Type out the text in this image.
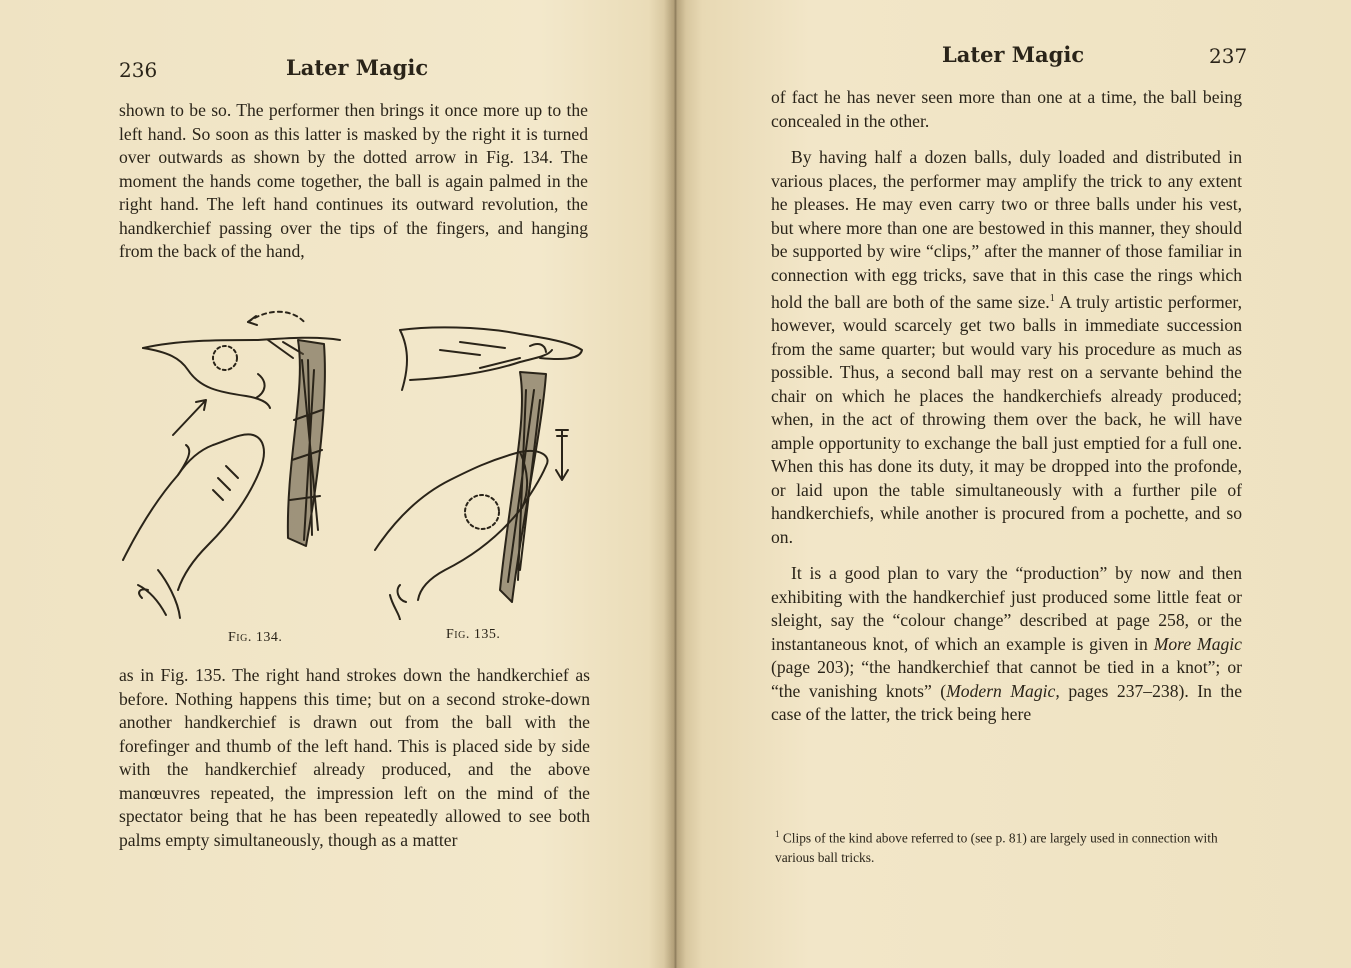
236	Later Magic

shown to be so. The performer then brings it once more up to the left hand. So soon as this latter is masked by the right it is turned over outwards as shown by the dotted arrow in Fig. 134. The moment the hands come together, the ball is again palmed in the right hand. The left hand continues its outward revolution, the handkerchief passing over the tips of the fingers, and hanging from the back of the hand,

Fig. 134.	Fig. 135.

as in Fig. 135. The right hand strokes down the handkerchief as before. Nothing happens this time; but on a second stroke-down another handkerchief is drawn out from the ball with the forefinger and thumb of the left hand. This is placed side by side with the handkerchief already produced, and the above manœuvres repeated, the impression left on the mind of the spectator being that he has been repeatedly allowed to see both palms empty simultaneously, though as a matter

Later Magic	237

of fact he has never seen more than one at a time, the ball being concealed in the other.

By having half a dozen balls, duly loaded and distributed in various places, the performer may amplify the trick to any extent he pleases. He may even carry two or three balls under his vest, but where more than one are bestowed in this manner, they should be supported by wire “clips,” after the manner of those familiar in connection with egg tricks, save that in this case the rings which hold the ball are both of the same size.$^1$ A truly artistic performer, however, would scarcely get two balls in immediate succession from the same quarter; but would vary his procedure as much as possible. Thus, a second ball may rest on a servante behind the chair on which he places the handkerchiefs already produced; when, in the act of throwing them over the back, he will have ample opportunity to exchange the ball just emptied for a full one. When this has done its duty, it may be dropped into the profonde, or laid upon the table simultaneously with a further pile of handkerchiefs, while another is procured from a pochette, and so on.

It is a good plan to vary the “production” by now and then exhibiting with the handkerchief just produced some little feat or sleight, say the “colour change” described at page 258, or the instantaneous knot, of which an example is given in More Magic (page 203); “the handkerchief that cannot be tied in a knot”; or “the vanishing knots” (Modern Magic, pages 237–238). In the case of the latter, the trick being here

$^1$ Clips of the kind above referred to (see p. 81) are largely used in connection with various ball tricks.
